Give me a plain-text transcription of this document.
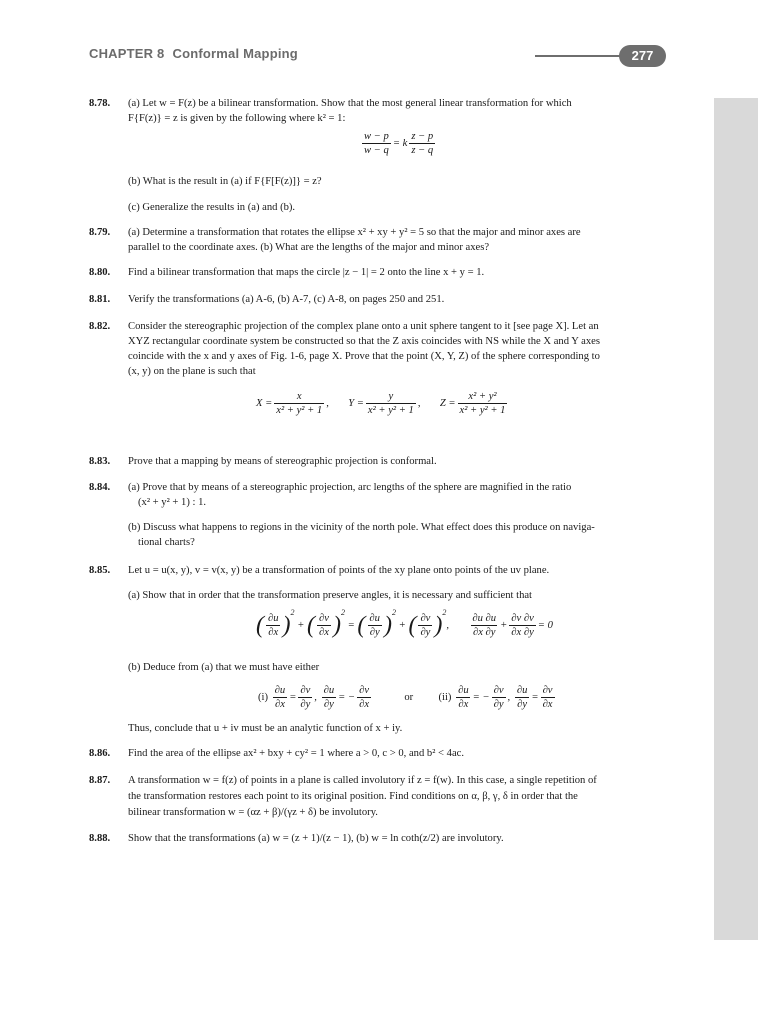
CHAPTER 8 Conformal Mapping	277

8.78. (a) Let w = F(z) be a bilinear transformation. Show that the most general linear transformation for which

F{F(z)} = z is given by the following where k² = 1:

$\frac{w - p}{w - q} = k \frac{z - p}{z - q}$

(b) What is the result in (a) if F{F[F(z)]} = z?

(c) Generalize the results in (a) and (b).

8.79. (a) Determine a transformation that rotates the ellipse x² + xy + y² = 5 so that the major and minor axes are

parallel to the coordinate axes. (b) What are the lengths of the major and minor axes?

8.80. Find a bilinear transformation that maps the circle |z − 1| = 2 onto the line x + y = 1.

8.81. Verify the transformations (a) A-6, (b) A-7, (c) A-8, on pages 250 and 251.

8.82. Consider the stereographic projection of the complex plane onto a unit sphere tangent to it [see page X]. Let an

XYZ rectangular coordinate system be constructed so that the Z axis coincides with NS while the X and Y axes

coincide with the x and y axes of Fig. 1-6, page X. Prove that the point (X, Y, Z) of the sphere corresponding to

(x, y) on the plane is such that

$X = \frac{x}{\text{x² + y² + 1}}$ , $Y = \frac{y}{\text{x² + y² + 1}}$ , $Z = \frac{\text{x² + y²}}{\text{x² + y² + 1}}$

8.83. Prove that a mapping by means of stereographic projection is conformal.

8.84. (a) Prove that by means of a stereographic projection, arc lengths of the sphere are magnified in the ratio

(x² + y² + 1) : 1.

(b) Discuss what happens to regions in the vicinity of the north pole. What effect does this produce on naviga-

tional charts?

8.85. Let u = u(x, y), v = v(x, y) be a transformation of points of the xy plane onto points of the uv plane.

(a) Show that in order that the transformation preserve angles, it is necessary and sufficient that

( $\frac{\partial u}{\partial x} )^2$ + ( $\frac{\partial v}{\partial x} )^2$ = ( $\frac{\partial u}{\partial y} )^2$ + ( $\frac{\partial v}{\partial y} )^2$, $\frac{\partial u \partial u}{\partial x \partial y} + \frac{\partial v \partial v}{\partial x \partial y} = 0$

(b) Deduce from (a) that we must have either

$(i) \frac{\partial u}{\partial x} = \frac{\partial v}{\partial y}$ , $\frac{\partial u}{\partial y}$ = − $\frac{\partial v}{\partial x}$	or $(ii) \frac{\partial u}{\partial x}$ = − $\frac{\partial v}{\partial y}$ , $\frac{\partial u}{\partial y} = \frac{\partial v}{\partial x}$

Thus, conclude that u + iv must be an analytic function of x + iy.

8.86. Find the area of the ellipse ax² + bxy + cy² = 1 where a > 0, c > 0, and b² < 4ac.

8.87. A transformation w = f(z) of points in a plane is called involutory if z = f(w). In this case, a single repetition of

the transformation restores each point to its original position. Find conditions on α, β, γ, δ in order that the

bilinear transformation w = (αz + β)/(γz + δ) be involutory.

8.88. Show that the transformations (a) w = (z + 1)/(z − 1), (b) w = ln coth(z/2) are involutory.
